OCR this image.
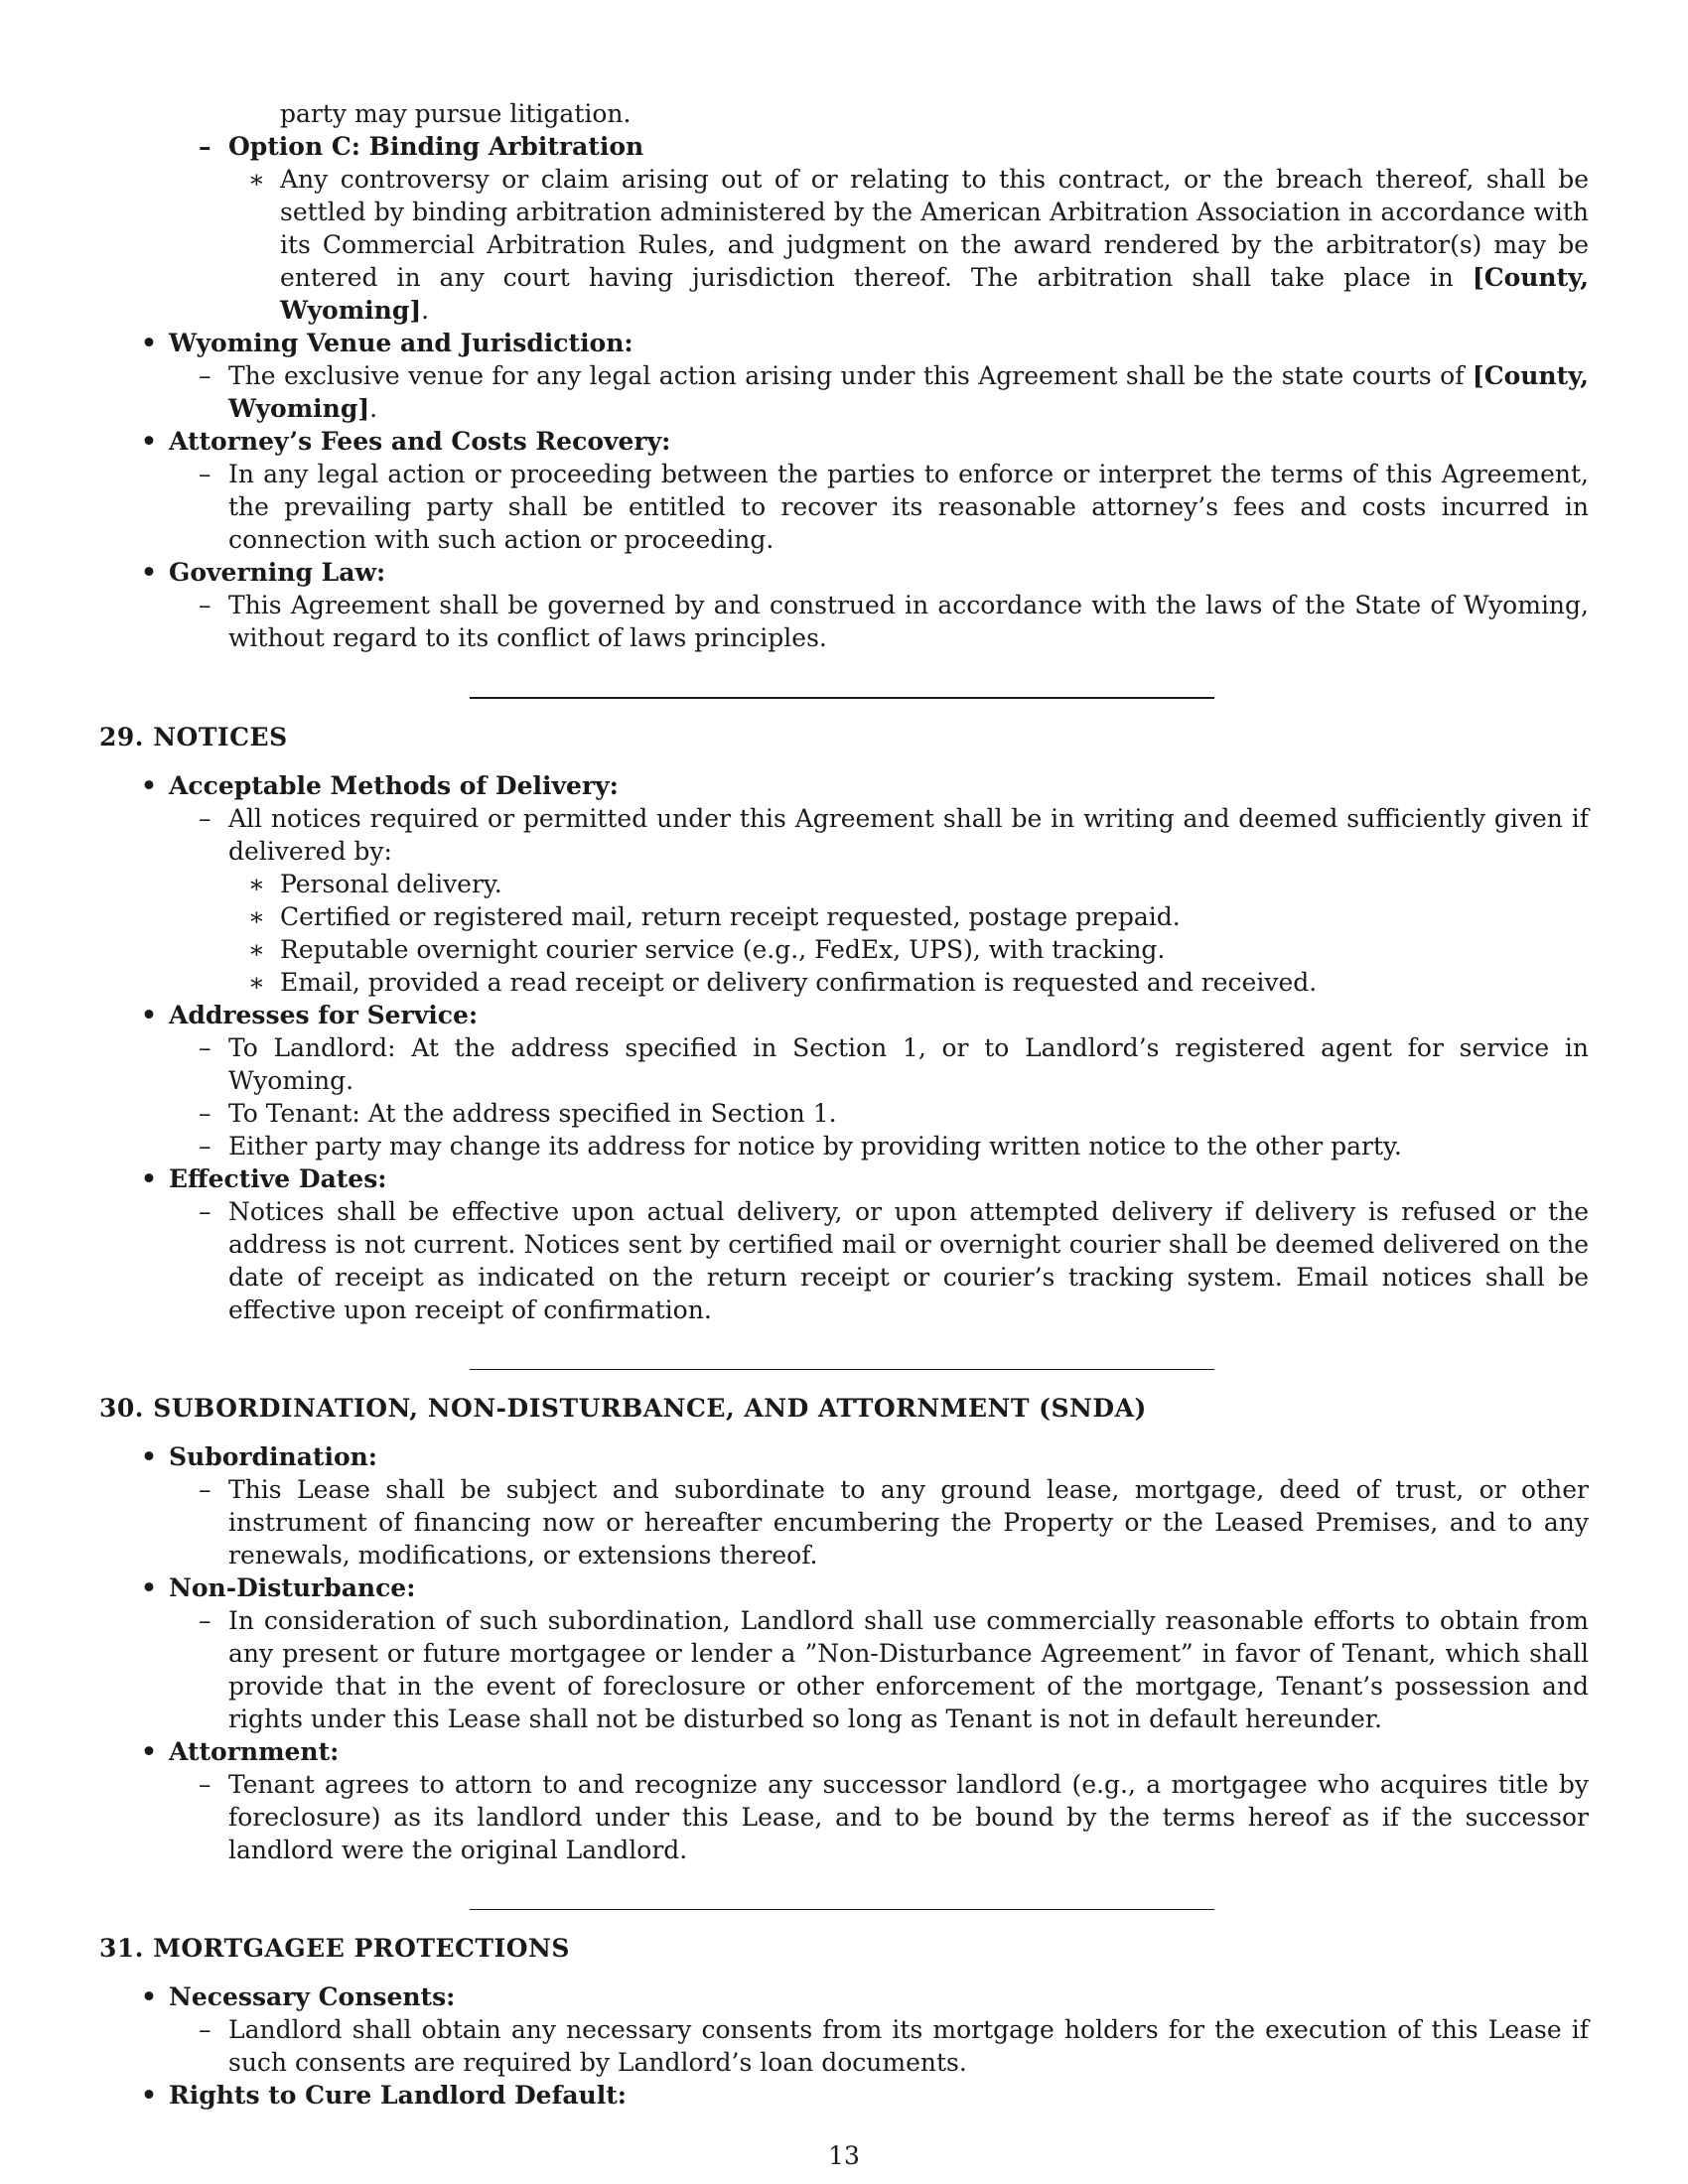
party may pursue litigation.
– Option C: Binding Arbitration
∗ Any controversy or claim arising out of or relating to this contract, or the breach thereof, shall be settled by binding arbitration administered by the American Arbitration Association in accordance with its Commercial Arbitration Rules, and judgment on the award rendered by the arbitrator(s) may be entered in any court having jurisdiction thereof. The arbitration shall take place in [County, Wyoming].
• Wyoming Venue and Jurisdiction:
– The exclusive venue for any legal action arising under this Agreement shall be the state courts of [County, Wyoming].
• Attorney’s Fees and Costs Recovery:
– In any legal action or proceeding between the parties to enforce or interpret the terms of this Agreement, the prevailing party shall be entitled to recover its reasonable attorney’s fees and costs incurred in connection with such action or proceeding.
• Governing Law:
– This Agreement shall be governed by and construed in accordance with the laws of the State of Wyoming, without regard to its conflict of laws principles.
29. NOTICES
• Acceptable Methods of Delivery:
– All notices required or permitted under this Agreement shall be in writing and deemed sufficiently given if delivered by:
∗ Personal delivery.
∗ Certified or registered mail, return receipt requested, postage prepaid.
∗ Reputable overnight courier service (e.g., FedEx, UPS), with tracking.
∗ Email, provided a read receipt or delivery confirmation is requested and received.
• Addresses for Service:
– To Landlord: At the address specified in Section 1, or to Landlord’s registered agent for service in Wyoming.
– To Tenant: At the address specified in Section 1.
– Either party may change its address for notice by providing written notice to the other party.
• Effective Dates:
– Notices shall be effective upon actual delivery, or upon attempted delivery if delivery is refused or the address is not current. Notices sent by certified mail or overnight courier shall be deemed delivered on the date of receipt as indicated on the return receipt or courier’s tracking system. Email notices shall be effective upon receipt of confirmation.
30. SUBORDINATION, NON-DISTURBANCE, AND ATTORNMENT (SNDA)
• Subordination:
– This Lease shall be subject and subordinate to any ground lease, mortgage, deed of trust, or other instrument of financing now or hereafter encumbering the Property or the Leased Premises, and to any renewals, modifications, or extensions thereof.
• Non-Disturbance:
– In consideration of such subordination, Landlord shall use commercially reasonable efforts to obtain from any present or future mortgagee or lender a ”Non-Disturbance Agreement” in favor of Tenant, which shall provide that in the event of foreclosure or other enforcement of the mortgage, Tenant’s possession and rights under this Lease shall not be disturbed so long as Tenant is not in default hereunder.
• Attornment:
– Tenant agrees to attorn to and recognize any successor landlord (e.g., a mortgagee who acquires title by foreclosure) as its landlord under this Lease, and to be bound by the terms hereof as if the successor landlord were the original Landlord.
31. MORTGAGEE PROTECTIONS
• Necessary Consents:
– Landlord shall obtain any necessary consents from its mortgage holders for the execution of this Lease if such consents are required by Landlord’s loan documents.
• Rights to Cure Landlord Default:
13
